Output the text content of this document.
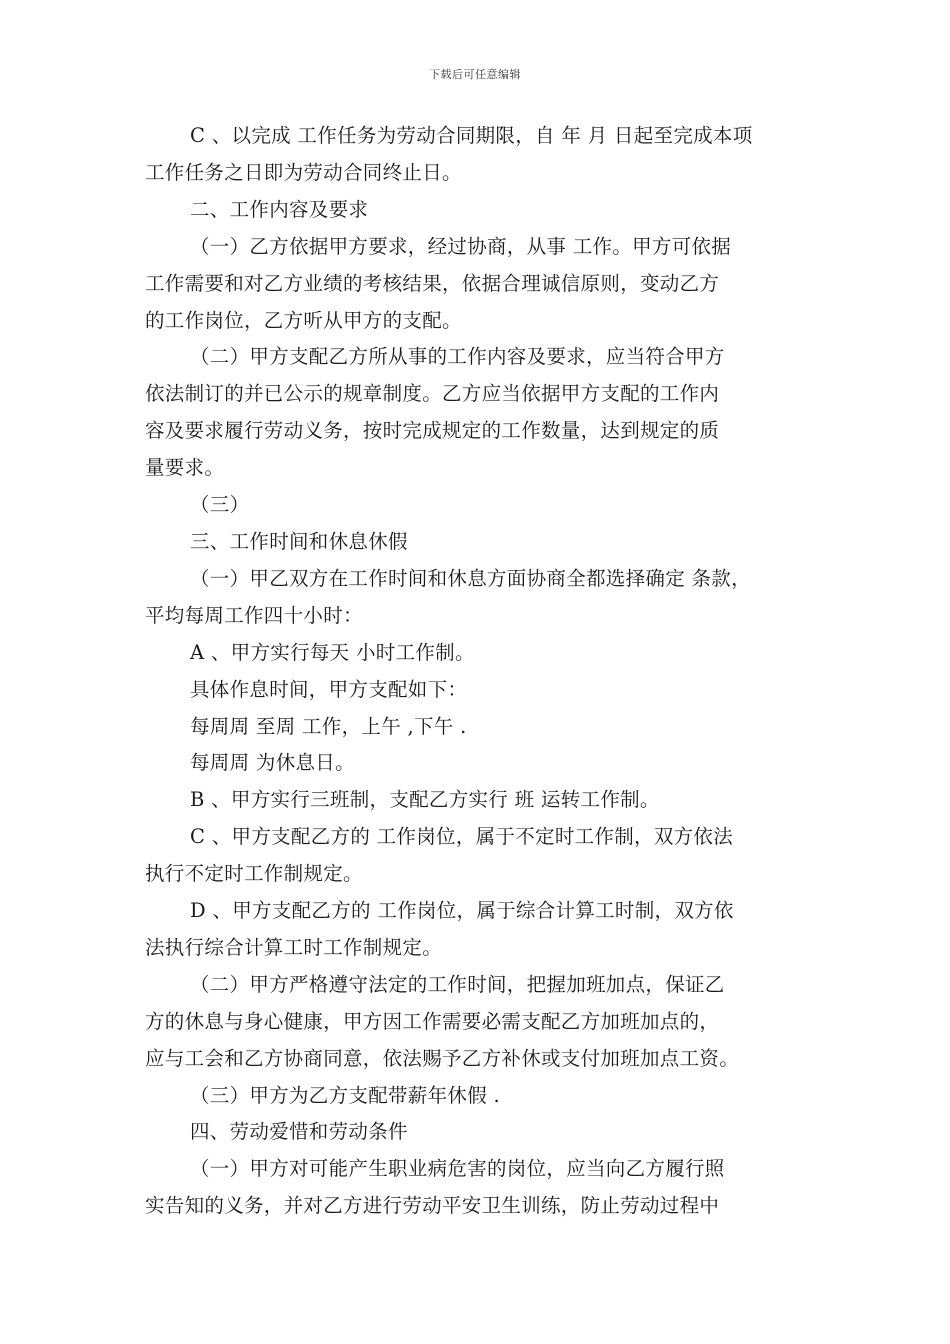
下载后可任意编辑

C 、以完成 工作任务为劳动合同期限，自 年 月 日起至完成本项

工作任务之日即为劳动合同终止日。

二、工作内容及要求

（一）乙方依据甲方要求，经过协商，从事 工作。甲方可依据

工作需要和对乙方业绩的考核结果，依据合理诚信原则，变动乙方

的工作岗位，乙方听从甲方的支配。

（二）甲方支配乙方所从事的工作内容及要求，应当符合甲方

依法制订的并已公示的规章制度。乙方应当依据甲方支配的工作内

容及要求履行劳动义务，按时完成规定的工作数量，达到规定的质

量要求。

（三）

三、工作时间和休息休假

（一）甲乙双方在工作时间和休息方面协商全都选择确定 条款，

平均每周工作四十小时：

A 、甲方实行每天 小时工作制。

具体作息时间，甲方支配如下：

每周周 至周 工作，上午 ,下午 .

每周周 为休息日。

B 、甲方实行三班制，支配乙方实行 班 运转工作制。

C 、甲方支配乙方的 工作岗位，属于不定时工作制，双方依法

执行不定时工作制规定。

D 、甲方支配乙方的 工作岗位，属于综合计算工时制，双方依

法执行综合计算工时工作制规定。

（二）甲方严格遵守法定的工作时间，把握加班加点，保证乙

方的休息与身心健康，甲方因工作需要必需支配乙方加班加点的，

应与工会和乙方协商同意，依法赐予乙方补休或支付加班加点工资。

（三）甲方为乙方支配带薪年休假 .

四、劳动爱惜和劳动条件

（一）甲方对可能产生职业病危害的岗位，应当向乙方履行照

实告知的义务，并对乙方进行劳动平安卫生训练，防止劳动过程中
